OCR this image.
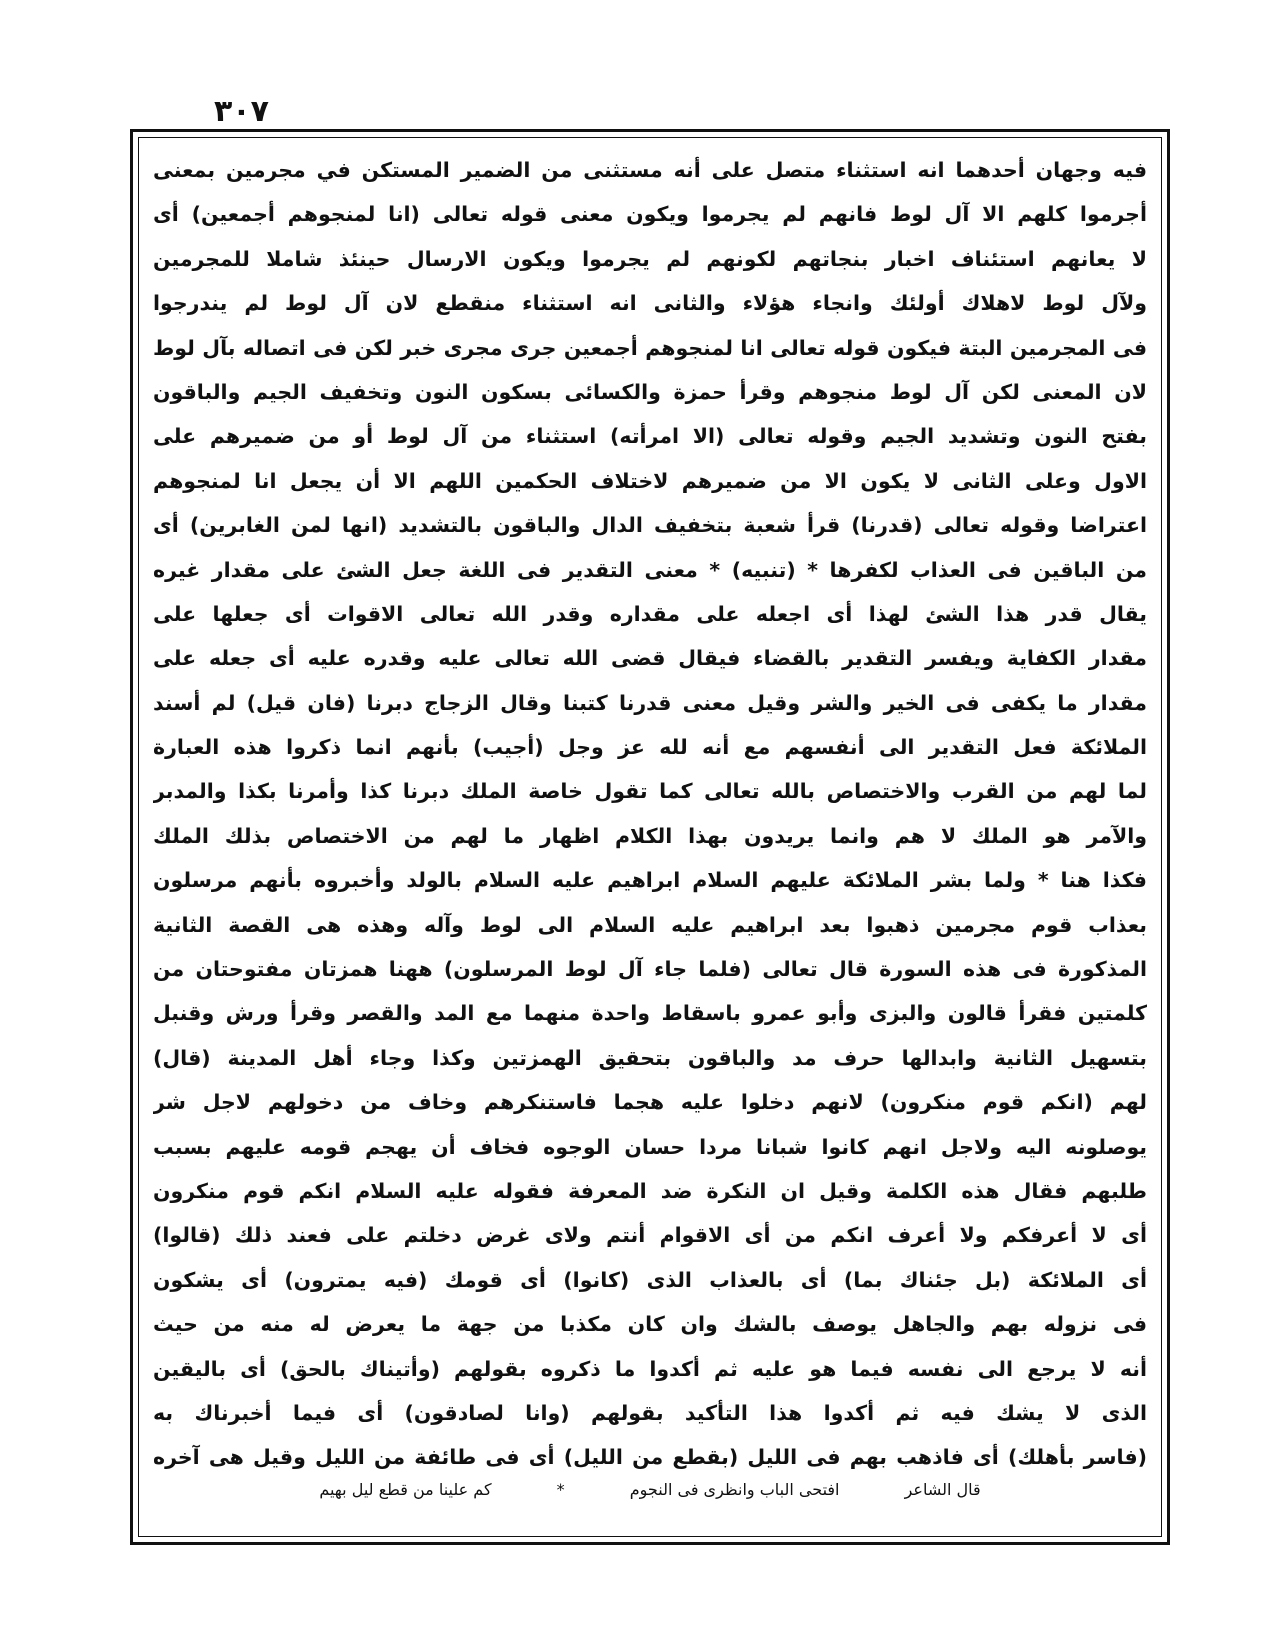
٣٠٧
فيه وجهان أحدهما انه استثناء متصل على أنه مستثنى من الضمير المستكن في مجرمين بمعنى
أجرموا كلهم الا آل لوط فانهم لم يجرموا ويكون معنى قوله تعالى (انا لمنجوهم أجمعين) أى
لا يعانهم استئناف اخبار بنجاتهم لكونهم لم يجرموا ويكون الارسال حينئذ شاملا للمجرمين
ولآل لوط لاهلاك أولئك وانجاء هؤلاء والثانى انه استثناء منقطع لان آل لوط لم يندرجوا
فى المجرمين البتة فيكون قوله تعالى انا لمنجوهم أجمعين جرى مجرى خبر لكن فى اتصاله بآل لوط
لان المعنى لكن آل لوط منجوهم وقرأ حمزة والكسائى بسكون النون وتخفيف الجيم والباقون
بفتح النون وتشديد الجيم وقوله تعالى (الا امرأته) استثناء من آل لوط أو من ضميرهم على
الاول وعلى الثانى لا يكون الا من ضميرهم لاختلاف الحكمين اللهم الا أن يجعل انا لمنجوهم
اعتراضا وقوله تعالى (قدرنا) قرأ شعبة بتخفيف الدال والباقون بالتشديد (انها لمن الغابرين) أى
من الباقين فى العذاب لكفرها * (تنبيه) * معنى التقدير فى اللغة جعل الشئ على مقدار غيره
يقال قدر هذا الشئ لهذا أى اجعله على مقداره وقدر الله تعالى الاقوات أى جعلها على
مقدار الكفاية ويفسر التقدير بالقضاء فيقال قضى الله تعالى عليه وقدره عليه أى جعله على
مقدار ما يكفى فى الخير والشر وقيل معنى قدرنا كتبنا وقال الزجاج دبرنا (فان قيل) لم أسند
الملائكة فعل التقدير الى أنفسهم مع أنه لله عز وجل (أجيب) بأنهم انما ذكروا هذه العبارة
لما لهم من القرب والاختصاص بالله تعالى كما تقول خاصة الملك دبرنا كذا وأمرنا بكذا والمدبر
والآمر هو الملك لا هم وانما يريدون بهذا الكلام اظهار ما لهم من الاختصاص بذلك الملك
فكذا هنا * ولما بشر الملائكة عليهم السلام ابراهيم عليه السلام بالولد وأخبروه بأنهم مرسلون
بعذاب قوم مجرمين ذهبوا بعد ابراهيم عليه السلام الى لوط وآله وهذه هى القصة الثانية
المذكورة فى هذه السورة قال تعالى (فلما جاء آل لوط المرسلون) ههنا همزتان مفتوحتان من
كلمتين فقرأ قالون والبزى وأبو عمرو باسقاط واحدة منهما مع المد والقصر وقرأ ورش وقنبل
بتسهيل الثانية وابدالها حرف مد والباقون بتحقيق الهمزتين وكذا وجاء أهل المدينة (قال)
لهم (انكم قوم منكرون) لانهم دخلوا عليه هجما فاستنكرهم وخاف من دخولهم لاجل شر
يوصلونه اليه ولاجل انهم كانوا شبانا مردا حسان الوجوه فخاف أن يهجم قومه عليهم بسبب
طلبهم فقال هذه الكلمة وقيل ان النكرة ضد المعرفة فقوله عليه السلام انكم قوم منكرون
أى لا أعرفكم ولا أعرف انكم من أى الاقوام أنتم ولاى غرض دخلتم على فعند ذلك (قالوا)
أى الملائكة (بل جئناك بما) أى بالعذاب الذى (كانوا) أى قومك (فيه يمترون) أى يشكون
فى نزوله بهم والجاهل يوصف بالشك وان كان مكذبا من جهة ما يعرض له منه من حيث
أنه لا يرجع الى نفسه فيما هو عليه ثم أكدوا ما ذكروه بقولهم (وأتيناك بالحق) أى باليقين
الذى لا يشك فيه ثم أكدوا هذا التأكيد بقولهم (وانا لصادقون) أى فيما أخبرناك به
(فاسر بأهلك) أى فاذهب بهم فى الليل (بقطع من الليل) أى فى طائفة من الليل وقيل هى آخره
قال الشاعر افتحى الباب وانظرى فى النجوم * كم علينا من قطع ليل بهيم
